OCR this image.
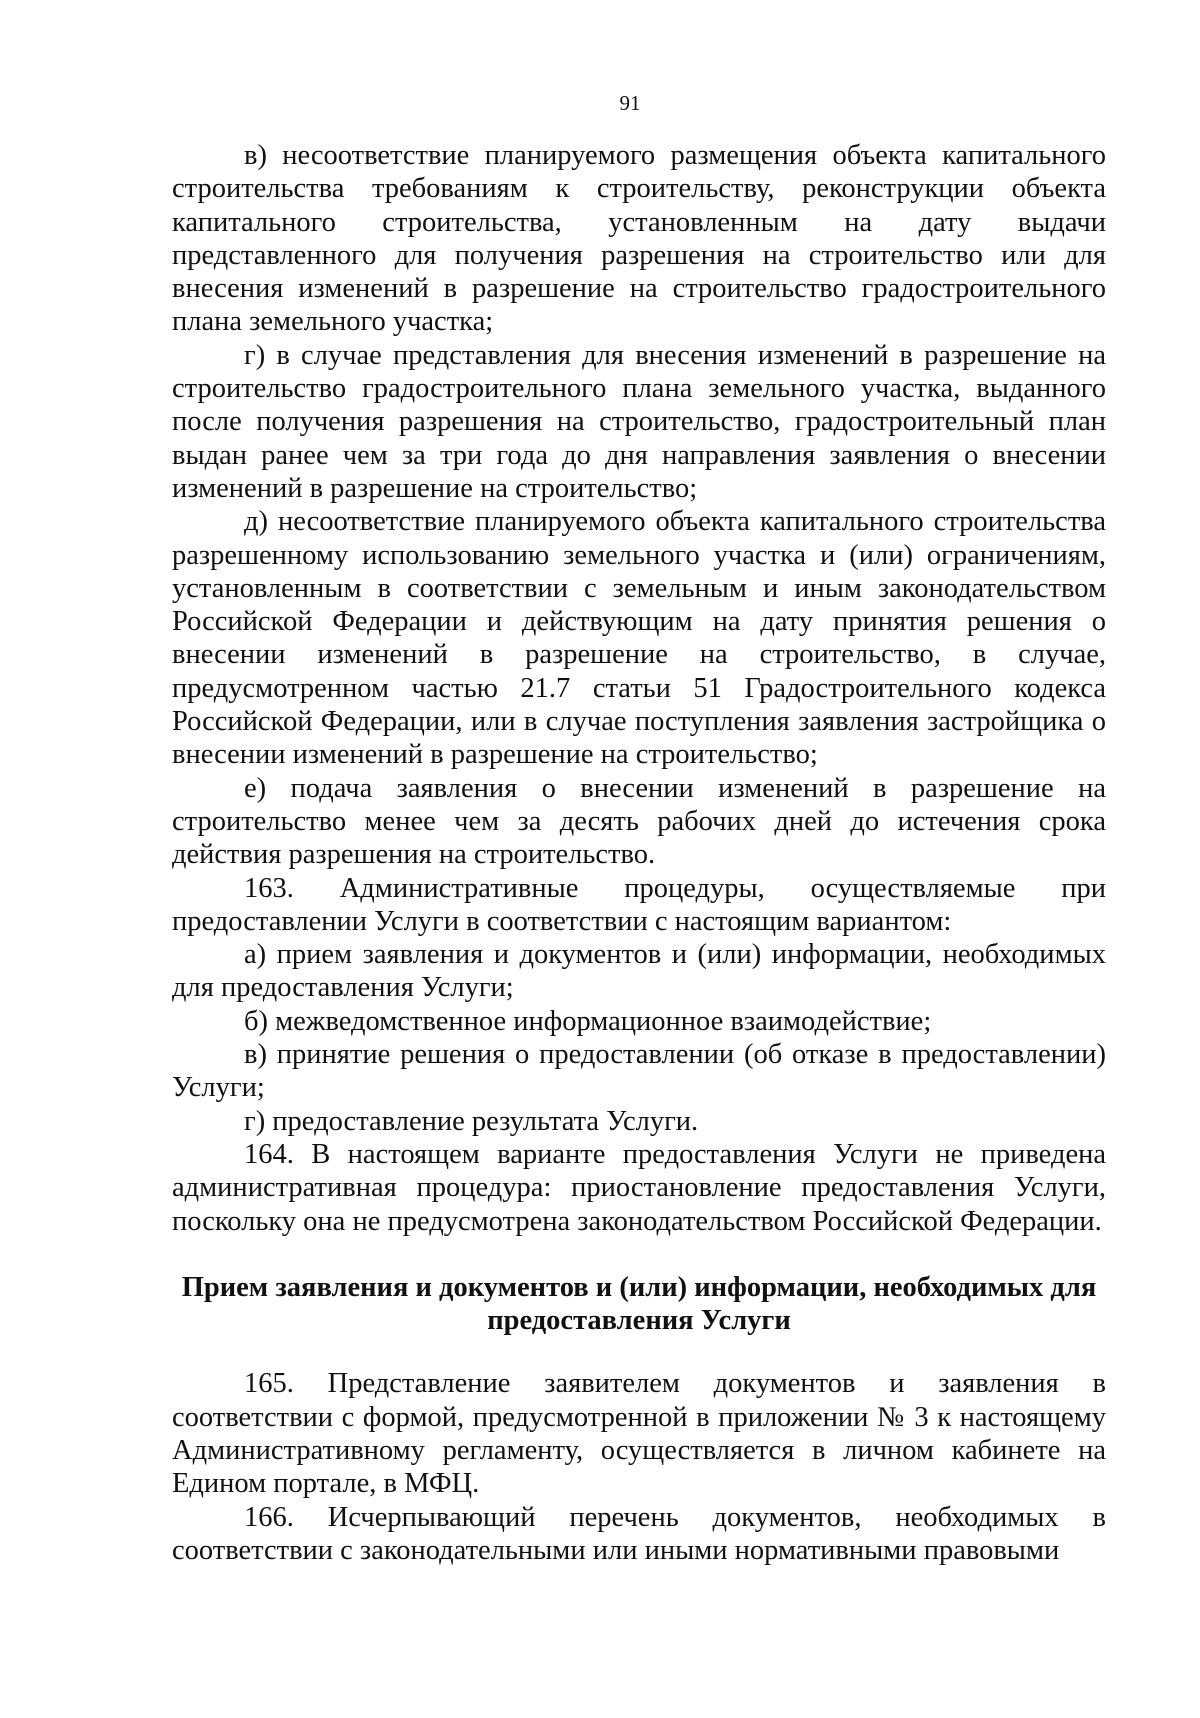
91

в) несоответствие планируемого размещения объекта капитального строительства требованиям к строительству, реконструкции объекта капитального строительства, установленным на дату выдачи представленного для получения разрешения на строительство или для внесения изменений в разрешение на строительство градостроительного плана земельного участка;

г) в случае представления для внесения изменений в разрешение на строительство градостроительного плана земельного участка, выданного после получения разрешения на строительство, градостроительный план выдан ранее чем за три года до дня направления заявления о внесении изменений в разрешение на строительство;

д) несоответствие планируемого объекта капитального строительства разрешенному использованию земельного участка и (или) ограничениям, установленным в соответствии с земельным и иным законодательством Российской Федерации и действующим на дату принятия решения о внесении изменений в разрешение на строительство, в случае, предусмотренном частью 21.7 статьи 51 Градостроительного кодекса Российской Федерации, или в случае поступления заявления застройщика о внесении изменений в разрешение на строительство;

е) подача заявления о внесении изменений в разрешение на строительство менее чем за десять рабочих дней до истечения срока действия разрешения на строительство.

163. Административные процедуры, осуществляемые при предоставлении Услуги в соответствии с настоящим вариантом:

а) прием заявления и документов и (или) информации, необходимых для предоставления Услуги;

б) межведомственное информационное взаимодействие;

в) принятие решения о предоставлении (об отказе в предоставлении) Услуги;

г) предоставление результата Услуги.

164. В настоящем варианте предоставления Услуги не приведена административная процедура: приостановление предоставления Услуги, поскольку она не предусмотрена законодательством Российской Федерации.

Прием заявления и документов и (или) информации, необходимых для
предоставления Услуги

165. Представление заявителем документов и заявления в соответствии с формой, предусмотренной в приложении № 3 к настоящему Административному регламенту, осуществляется в личном кабинете на Едином портале, в МФЦ.

166. Исчерпывающий перечень документов, необходимых в соответствии с законодательными или иными нормативными правовыми
